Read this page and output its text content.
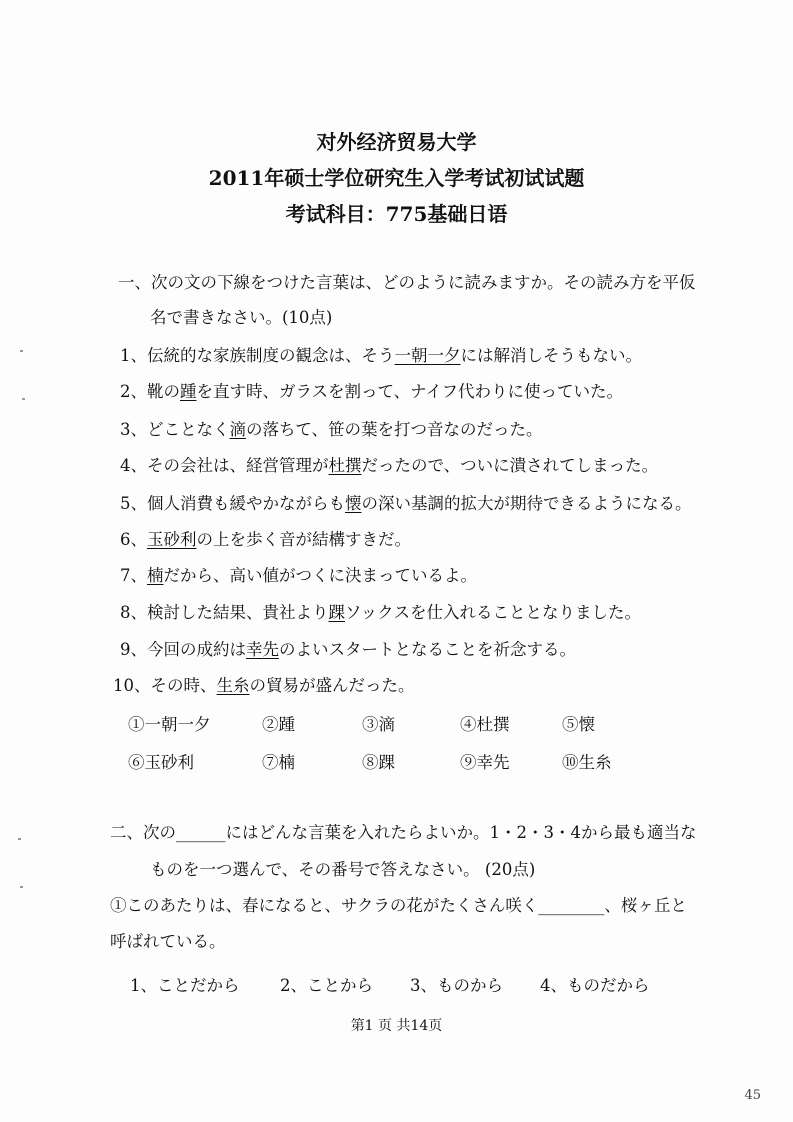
对外经济贸易大学
2011年硕士学位研究生入学考试初试试题
考试科目：775基础日语
一、次の文の下線をつけた言葉は、どのように読みますか。その読み方を平仮
名で書きなさい。(10点)
1、伝統的な家族制度の観念は、そう一朝一夕には解消しそうもない。
2、靴の踵を直す時、ガラスを割って、ナイフ代わりに使っていた。
3、どことなく滴の落ちて、笹の葉を打つ音なのだった。
4、その会社は、経営管理が杜撰だったので、ついに潰されてしまった。
5、個人消費も緩やかながらも懐の深い基調的拡大が期待できるようになる。
6、玉砂利の上を歩く音が結構すきだ。
7、楠だから、高い値がつくに決まっているよ。
8、検討した結果、貴社より踝ソックスを仕入れることとなりました。
9、今回の成約は幸先のよいスタートとなることを祈念する。
10、その時、生糸の貿易が盛んだった。
①一朝一夕	②踵	③滴	④杜撰	⑤懐
⑥玉砂利	⑦楠	⑧踝	⑨幸先	⑩生糸
二、次の______にはどんな言葉を入れたらよいか。1・2・3・4から最も適当な
ものを一つ選んで、その番号で答えなさい。 (20点)
①このあたりは、春になると、サクラの花がたくさん咲く________、桜ヶ丘と
呼ばれている。
1、ことだから 2、ことから 3、ものから 4、ものだから
第1 页 共14页
45
